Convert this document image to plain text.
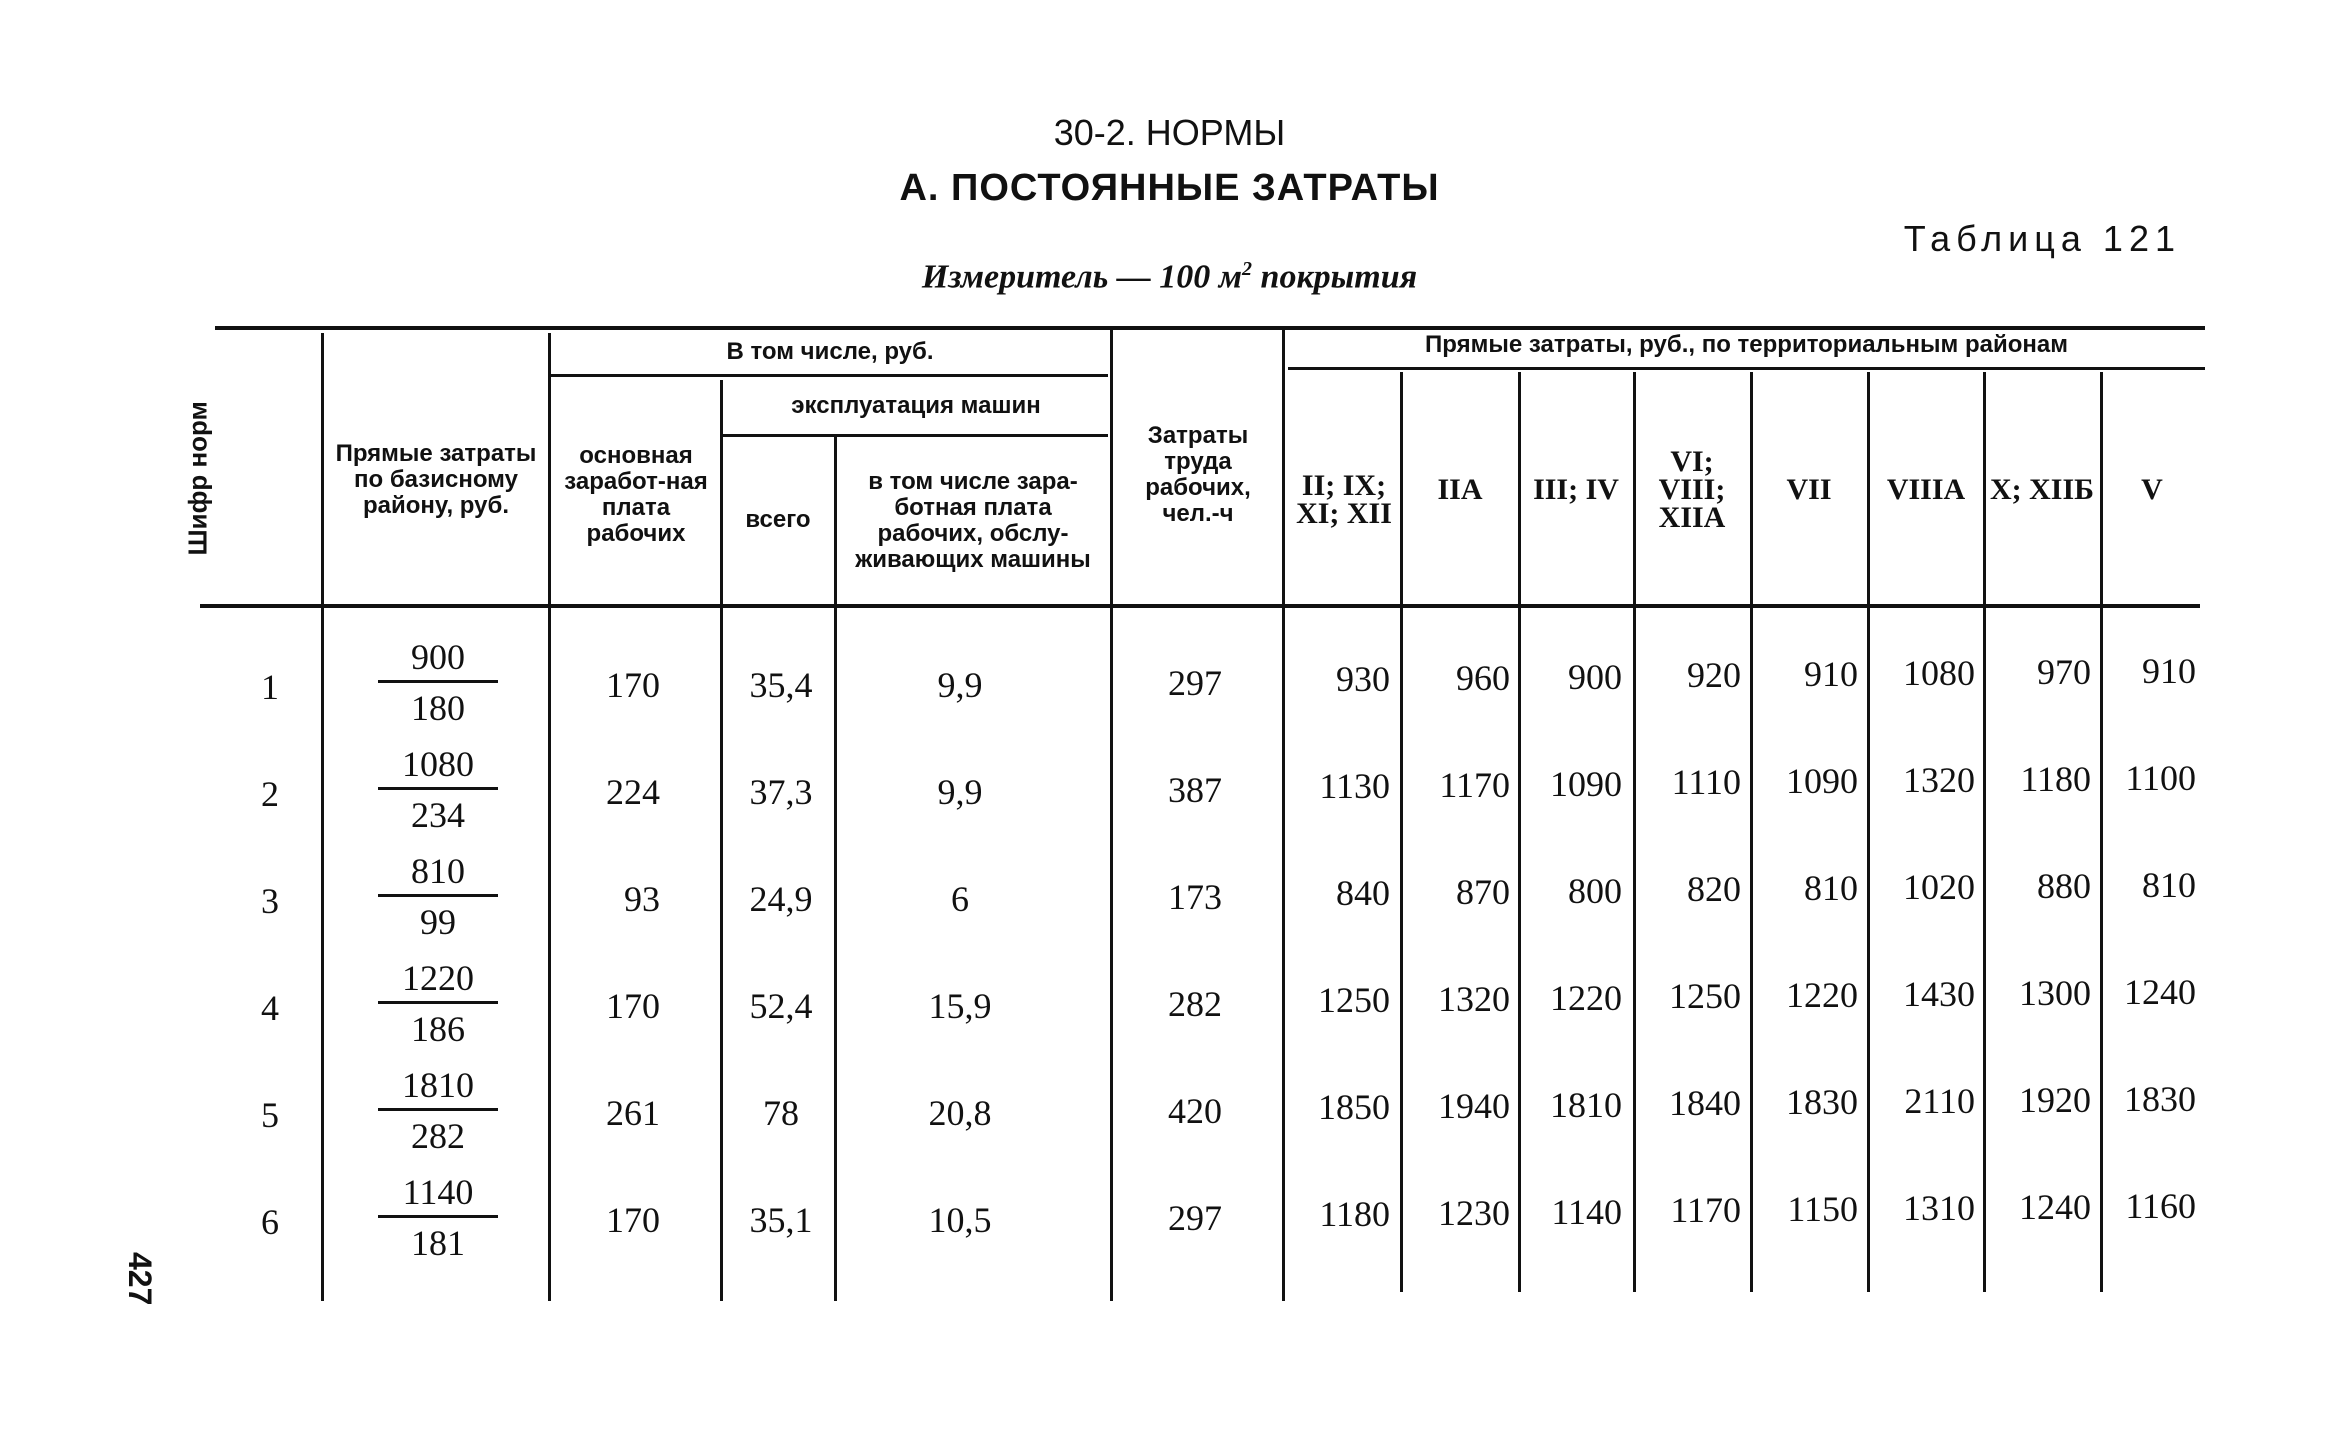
30-2. НОРМЫ
А. ПОСТОЯННЫЕ ЗАТРАТЫ
Таблица 121
Измеритель — 100 $м^2$ покрытия
427
Шифр норм	Прямые затраты по базисному району, руб.
В том числе, руб.
основная заработ-ная плата рабочих
эксплуатация машин
всего
в том числе зара-ботная плата рабочих, обслу-живающих машины
Затраты труда рабочих, чел.-ч
Прямые затраты, руб., по территориальным районам
II; IX; XI; XII
IIA	III; IV
VI; VIII; XIIA
VII	VIIIA X; XIIБ	V
1	$\frac{900}{180}$	170	35,4	9,9	297	930	960	900	920	910	1080	970	910
2	$\frac{1080}{234}$	224	37,3	9,9	387	1130	1170	1090	1110	1090	1320	1180 1100
3	$\frac{810}{99}$	93	24,9	6	173	840	870	800	820	810	1020	880	810
4	$\frac{1220}{186}$	170	52,4	15,9	282	1250	1320	1220	1250	1220	1430	1300 1240
5	$\frac{1810}{282}$	261	78	20,8	420	1850	1940	1810	1840	1830	2110	1920 1830
6	$\frac{1140}{181}$	170	35,1	10,5	297	1180	1230	1140	1170	1150	1310	1240 1160
